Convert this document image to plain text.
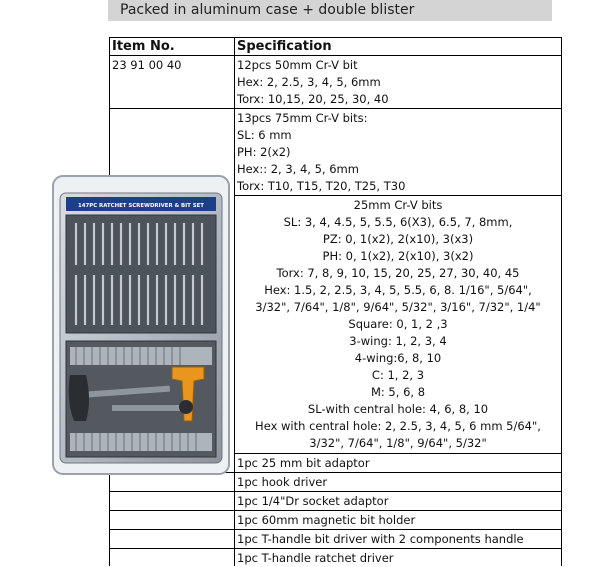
Packed in aluminum case + double blister
Item No.	Specification
23 91 00 40	12pcs 50mm Cr-V bit
Hex: 2, 2.5, 3, 4, 5, 6mm
Torx: 10,15, 20, 25, 30, 40
13pcs 75mm Cr-V bits:
SL: 6 mm
PH: 2(x2)
Hex:: 2, 3, 4, 5, 6mm
Torx: T10, T15, T20, T25, T30
25mm Cr-V bits
SL: 3, 4, 4.5, 5, 5.5, 6(X3), 6.5, 7, 8mm,
PZ: 0, 1(x2), 2(x10), 3(x3)
PH: 0, 1(x2), 2(x10), 3(x2)
Torx: 7, 8, 9, 10, 15, 20, 25, 27, 30, 40, 45
Hex: 1.5, 2, 2.5, 3, 4, 5, 5.5, 6, 8. 1/16", 5/64",
3/32", 7/64", 1/8", 9/64", 5/32", 3/16", 7/32", 1/4"
Square: 0, 1, 2 ,3
3-wing: 1, 2, 3, 4
4-wing:6, 8, 10
C: 1, 2, 3
M: 5, 6, 8
SL-with central hole: 4, 6, 8, 10
Hex with central hole: 2, 2.5, 3, 4, 5, 6 mm 5/64",
3/32", 7/64", 1/8", 9/64", 5/32"
1pc 25 mm bit adaptor
1pc hook driver
1pc 1/4"Dr socket adaptor
1pc 60mm magnetic bit holder
1pc T-handle bit driver with 2 components handle
1pc T-handle ratchet driver
147PC RATCHET SCREWDRIVER & BIT SET
